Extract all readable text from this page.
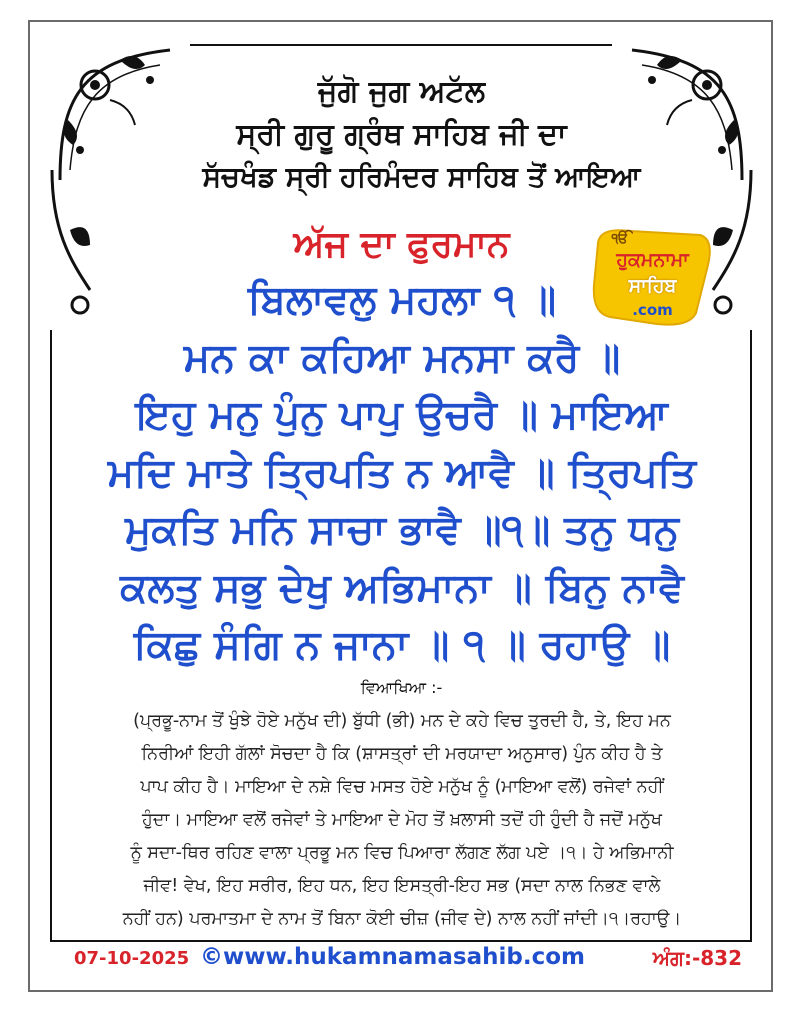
ਜੁੱਗੋ ਜੁਗ ਅਟੱਲ
ਸ੍ਰੀ ਗੁਰੂ ਗ੍ਰੰਥ ਸਾਹਿਬ ਜੀ ਦਾ
ਸੱਚਖੰਡ ਸ੍ਰੀ ਹਰਿਮੰਦਰ ਸਾਹਿਬ ਤੋਂ ਆਇਆ
ਅੱਜ ਦਾ ਫੁਰਮਾਨ	ੴ
ਹੁਕਮਨਾਮਾ
ਸਾਹਿਬ
.com
ਬਿਲਾਵਲੁ ਮਹਲਾ ੧ ॥
ਮਨ ਕਾ ਕਹਿਆ ਮਨਸਾ ਕਰੈ ॥
ਇਹੁ ਮਨੁ ਪੁੰਨੁ ਪਾਪੁ ਉਚਰੈ ॥ ਮਾਇਆ
ਮਦਿ ਮਾਤੇ ਤ੍ਰਿਪਤਿ ਨ ਆਵੈ ॥ ਤ੍ਰਿਪਤਿ
ਮੁਕਤਿ ਮਨਿ ਸਾਚਾ ਭਾਵੈ ॥੧॥ ਤਨੁ ਧਨੁ
ਕਲਤੁ ਸਭੁ ਦੇਖੁ ਅਭਿਮਾਨਾ ॥ ਬਿਨੁ ਨਾਵੈ
ਕਿਛੁ ਸੰਗਿ ਨ ਜਾਨਾ ॥ ੧ ॥ ਰਹਾਉ ॥
ਵਿਆਖਿਆ :-
(ਪ੍ਰਭੂ-ਨਾਮ ਤੋਂ ਖੁੰਝੇ ਹੋਏ ਮਨੁੱਖ ਦੀ) ਬੁੱਧੀ (ਭੀ) ਮਨ ਦੇ ਕਹੇ ਵਿਚ ਤੁਰਦੀ ਹੈ, ਤੇ, ਇਹ ਮਨ
ਨਿਰੀਆਂ ਇਹੀ ਗੱਲਾਂ ਸੋਚਦਾ ਹੈ ਕਿ (ਸ਼ਾਸਤ੍ਰਾਂ ਦੀ ਮਰਯਾਦਾ ਅਨੁਸਾਰ) ਪੁੰਨ ਕੀਹ ਹੈ ਤੇ
ਪਾਪ ਕੀਹ ਹੈ। ਮਾਇਆ ਦੇ ਨਸ਼ੇ ਵਿਚ ਮਸਤ ਹੋਏ ਮਨੁੱਖ ਨੂੰ (ਮਾਇਆ ਵਲੋਂ) ਰਜੇਵਾਂ ਨਹੀਂ
ਹੁੰਦਾ। ਮਾਇਆ ਵਲੋਂ ਰਜੇਵਾਂ ਤੇ ਮਾਇਆ ਦੇ ਮੋਹ ਤੋਂ ਖ਼ਲਾਸੀ ਤਦੋਂ ਹੀ ਹੁੰਦੀ ਹੈ ਜਦੋਂ ਮਨੁੱਖ
ਨੂੰ ਸਦਾ-ਥਿਰ ਰਹਿਣ ਵਾਲਾ ਪ੍ਰਭੂ ਮਨ ਵਿਚ ਪਿਆਰਾ ਲੱਗਣ ਲੱਗ ਪਏ ।੧। ਹੇ ਅਭਿਮਾਨੀ
ਜੀਵ! ਵੇਖ, ਇਹ ਸਰੀਰ, ਇਹ ਧਨ, ਇਹ ਇਸਤ੍ਰੀ-ਇਹ ਸਭ (ਸਦਾ ਨਾਲ ਨਿਭਣ ਵਾਲੇ
ਨਹੀਂ ਹਨ) ਪਰਮਾਤਮਾ ਦੇ ਨਾਮ ਤੋਂ ਬਿਨਾ ਕੋਈ ਚੀਜ਼ (ਜੀਵ ਦੇ) ਨਾਲ ਨਹੀਂ ਜਾਂਦੀ।੧।ਰਹਾਉ।
07-10-2025 ©www.hukamnamasahib.com	ਅੰਗ:-832
